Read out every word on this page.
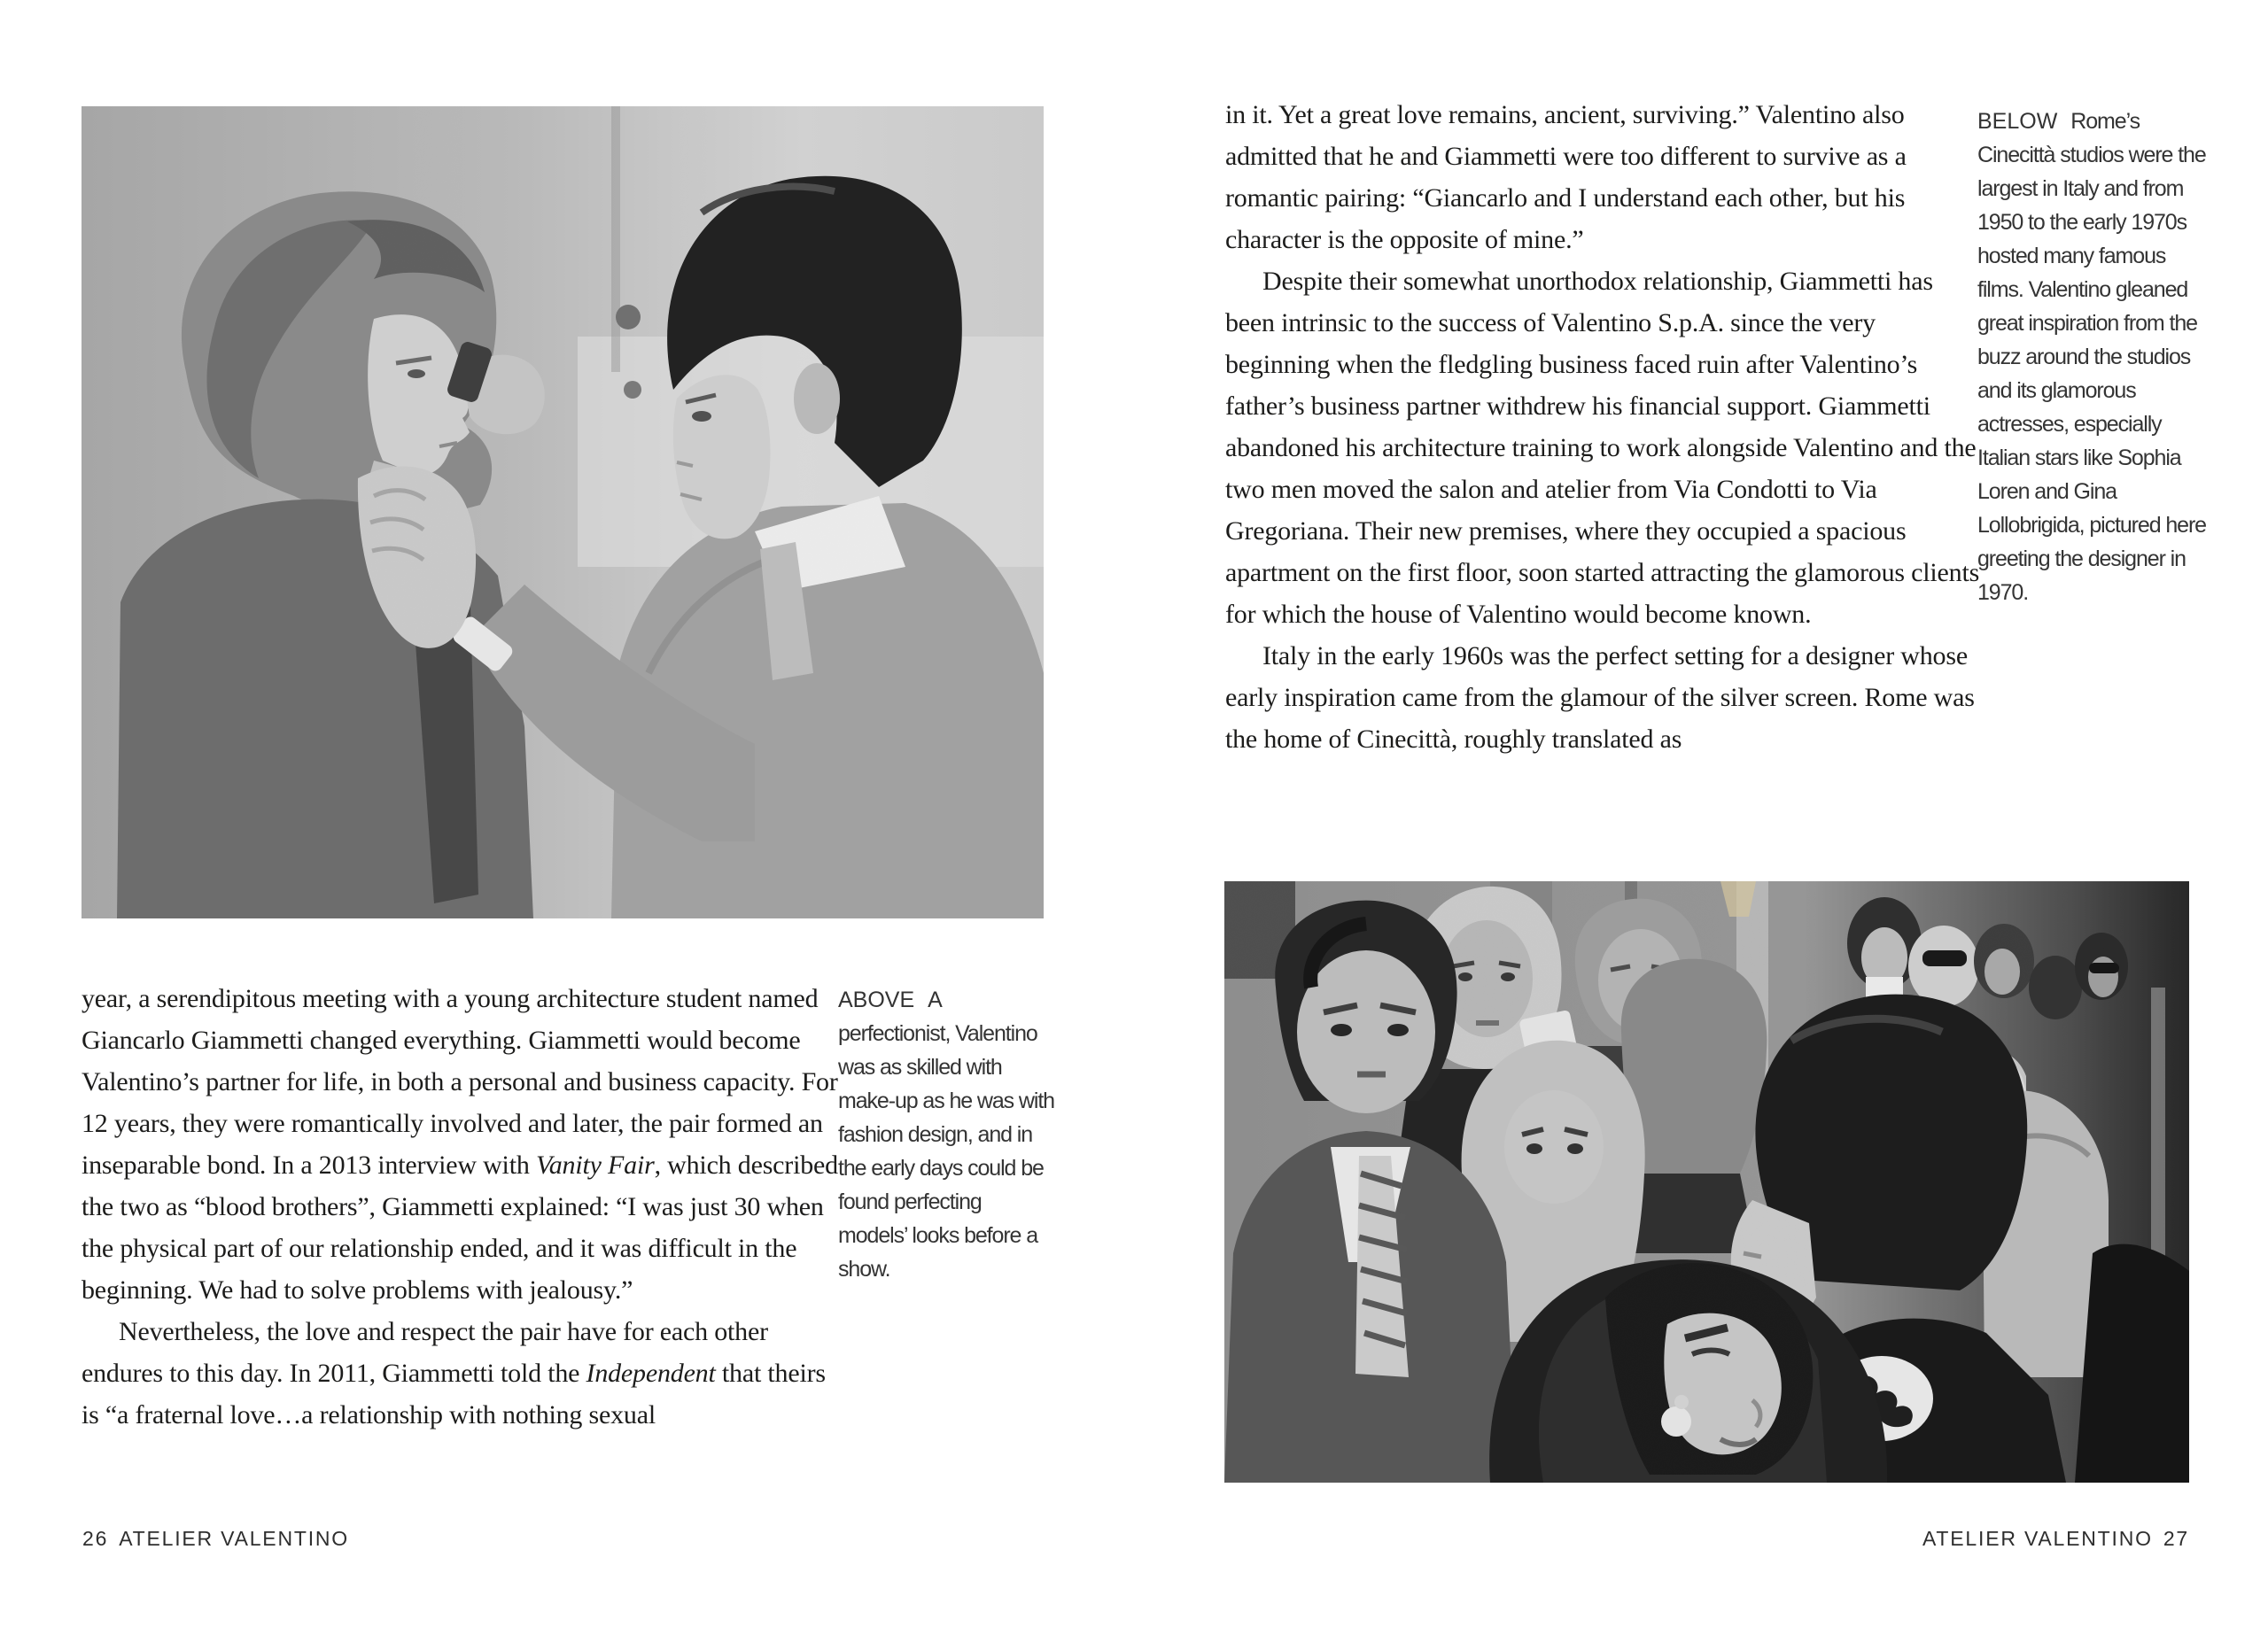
year, a serendipitous meeting with a young architecture student named Giancarlo Giammetti changed everything. Giammetti would become Valentino’s partner for life, in both a personal and business capacity. For 12 years, they were romantically involved and later, the pair formed an inseparable bond. In a 2013 interview with Vanity Fair, which described the two as “blood brothers”, Giammetti explained: “I was just 30 when the physical part of our relationship ended, and it was difficult in the beginning. We had to solve problems with jealousy.”

Nevertheless, the love and respect the pair have for each other endures to this day. In 2011, Giammetti told the Independent that theirs is “a fraternal love…a relationship with nothing sexual

ABOVE A perfectionist, Valentino was as skilled with make-up as he was with fashion design, and in the early days could be found perfecting models’ looks before a show.

26 ATELIER VALENTINO

in it. Yet a great love remains, ancient, surviving.” Valentino also admitted that he and Giammetti were too different to survive as a romantic pairing: “Giancarlo and I understand each other, but his character is the opposite of mine.”

Despite their somewhat unorthodox relationship, Giammetti has been intrinsic to the success of Valentino S.p.A. since the very beginning when the fledgling business faced ruin after Valentino’s father’s business partner withdrew his financial support. Giammetti abandoned his architecture training to work alongside Valentino and the two men moved the salon and atelier from Via Condotti to Via Gregoriana. Their new premises, where they occupied a spacious apartment on the first floor, soon started attracting the glamorous clients for which the house of Valentino would become known.

Italy in the early 1960s was the perfect setting for a designer whose early inspiration came from the glamour of the silver screen. Rome was the home of Cinecittà, roughly translated as

BELOW Rome’s Cinecittà studios were the largest in Italy and from 1950 to the early 1970s hosted many famous films. Valentino gleaned great inspiration from the buzz around the studios and its glamorous actresses, especially Italian stars like Sophia Loren and Gina Lollobrigida, pictured here greeting the designer in 1970.

ATELIER VALENTINO 27
